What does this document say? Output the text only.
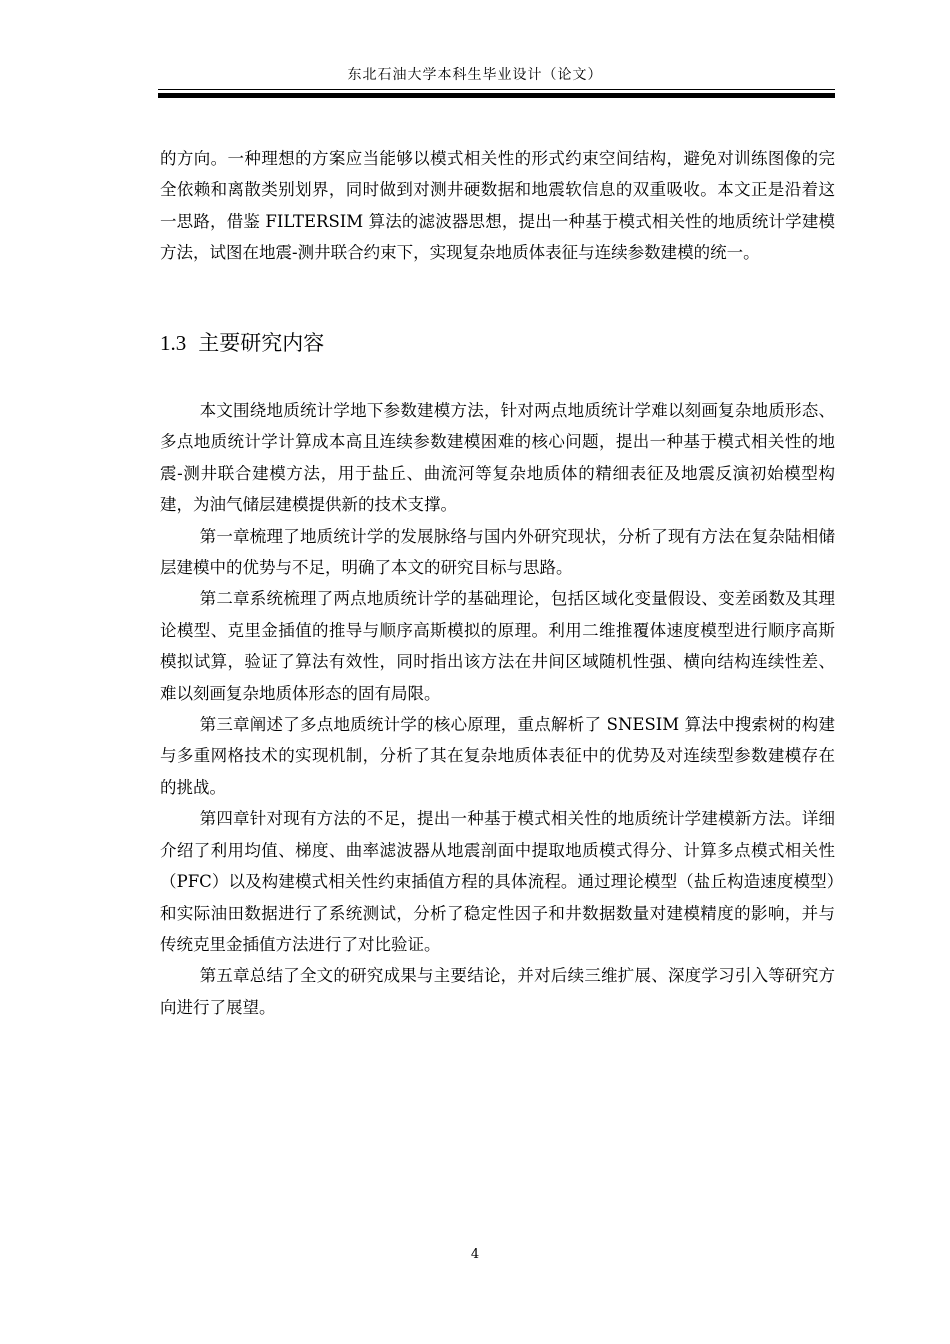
东北石油大学本科生毕业设计（论文）

的方向。一种理想的方案应当能够以模式相关性的形式约束空间结构，避免对训练图像的完全依赖和离散类别划界，同时做到对测井硬数据和地震软信息的双重吸收。本文正是沿着这一思路，借鉴 FILTERSIM 算法的滤波器思想，提出一种基于模式相关性的地质统计学建模方法，试图在地震-测井联合约束下，实现复杂地质体表征与连续参数建模的统一。

1.3 主要研究内容

本文围绕地质统计学地下参数建模方法，针对两点地质统计学难以刻画复杂地质形态、多点地质统计学计算成本高且连续参数建模困难的核心问题，提出一种基于模式相关性的地震-测井联合建模方法，用于盐丘、曲流河等复杂地质体的精细表征及地震反演初始模型构建，为油气储层建模提供新的技术支撑。

第一章梳理了地质统计学的发展脉络与国内外研究现状，分析了现有方法在复杂陆相储层建模中的优势与不足，明确了本文的研究目标与思路。

第二章系统梳理了两点地质统计学的基础理论，包括区域化变量假设、变差函数及其理论模型、克里金插值的推导与顺序高斯模拟的原理。利用二维推覆体速度模型进行顺序高斯模拟试算，验证了算法有效性，同时指出该方法在井间区域随机性强、横向结构连续性差、难以刻画复杂地质体形态的固有局限。

第三章阐述了多点地质统计学的核心原理，重点解析了 SNESIM 算法中搜索树的构建与多重网格技术的实现机制，分析了其在复杂地质体表征中的优势及对连续型参数建模存在的挑战。

第四章针对现有方法的不足，提出一种基于模式相关性的地质统计学建模新方法。详细介绍了利用均值、梯度、曲率滤波器从地震剖面中提取地质模式得分、计算多点模式相关性（PFC）以及构建模式相关性约束插值方程的具体流程。通过理论模型（盐丘构造速度模型）和实际油田数据进行了系统测试，分析了稳定性因子和井数据数量对建模精度的影响，并与传统克里金插值方法进行了对比验证。

第五章总结了全文的研究成果与主要结论，并对后续三维扩展、深度学习引入等研究方向进行了展望。

4
